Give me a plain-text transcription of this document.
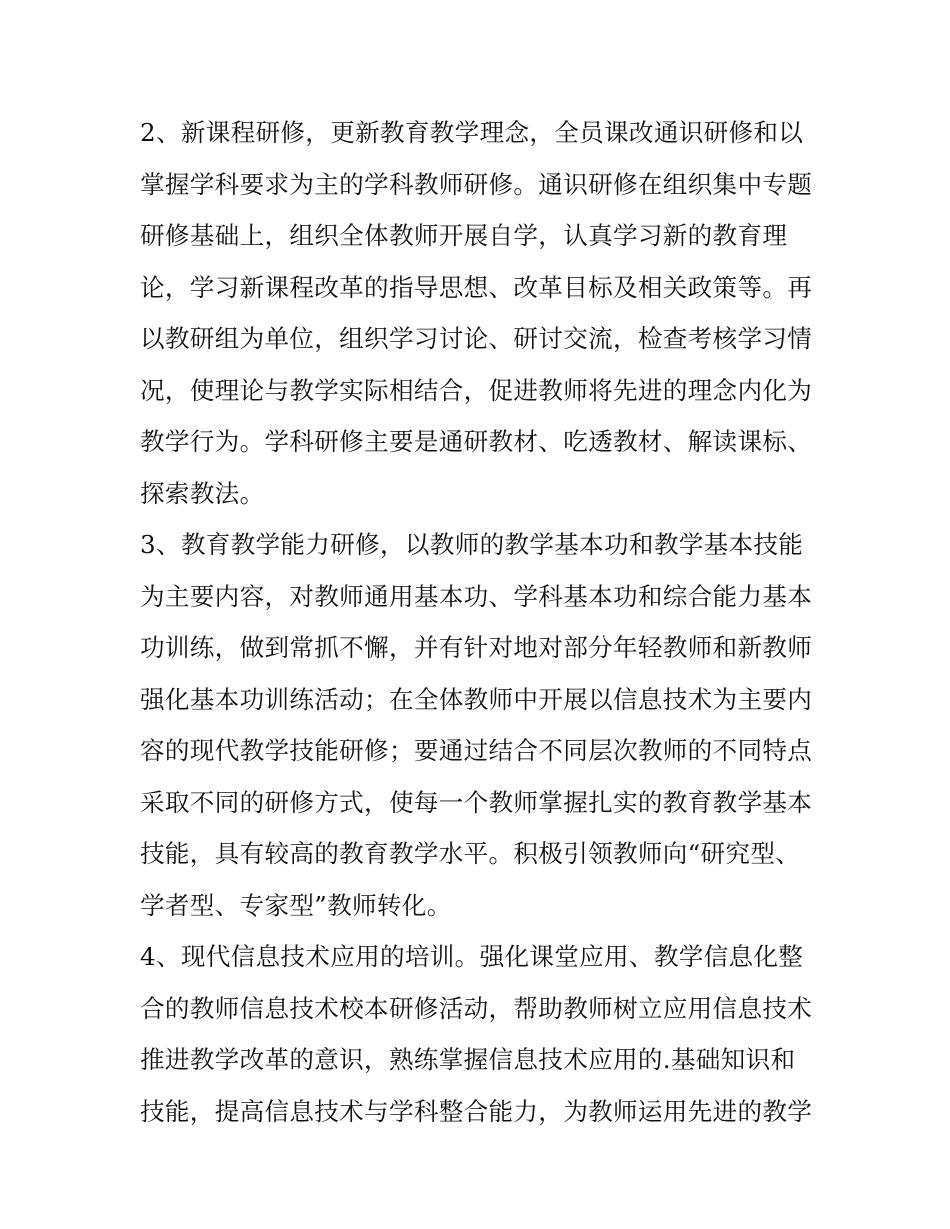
2、新课程研修，更新教育教学理念，全员课改通识研修和以
掌握学科要求为主的学科教师研修。通识研修在组织集中专题
研修基础上，组织全体教师开展自学，认真学习新的教育理
论，学习新课程改革的指导思想、改革目标及相关政策等。再
以教研组为单位，组织学习讨论、研讨交流，检查考核学习情
况，使理论与教学实际相结合，促进教师将先进的理念内化为
教学行为。学科研修主要是通研教材、吃透教材、解读课标、
探索教法。
3、教育教学能力研修，以教师的教学基本功和教学基本技能
为主要内容，对教师通用基本功、学科基本功和综合能力基本
功训练，做到常抓不懈，并有针对地对部分年轻教师和新教师
强化基本功训练活动；在全体教师中开展以信息技术为主要内
容的现代教学技能研修；要通过结合不同层次教师的不同特点
采取不同的研修方式，使每一个教师掌握扎实的教育教学基本
技能，具有较高的教育教学水平。积极引领教师向“研究型、
学者型、专家型”教师转化。
4、现代信息技术应用的培训。强化课堂应用、教学信息化整
合的教师信息技术校本研修活动，帮助教师树立应用信息技术
推进教学改革的意识，熟练掌握信息技术应用的.基础知识和
技能，提高信息技术与学科整合能力，为教师运用先进的教学
